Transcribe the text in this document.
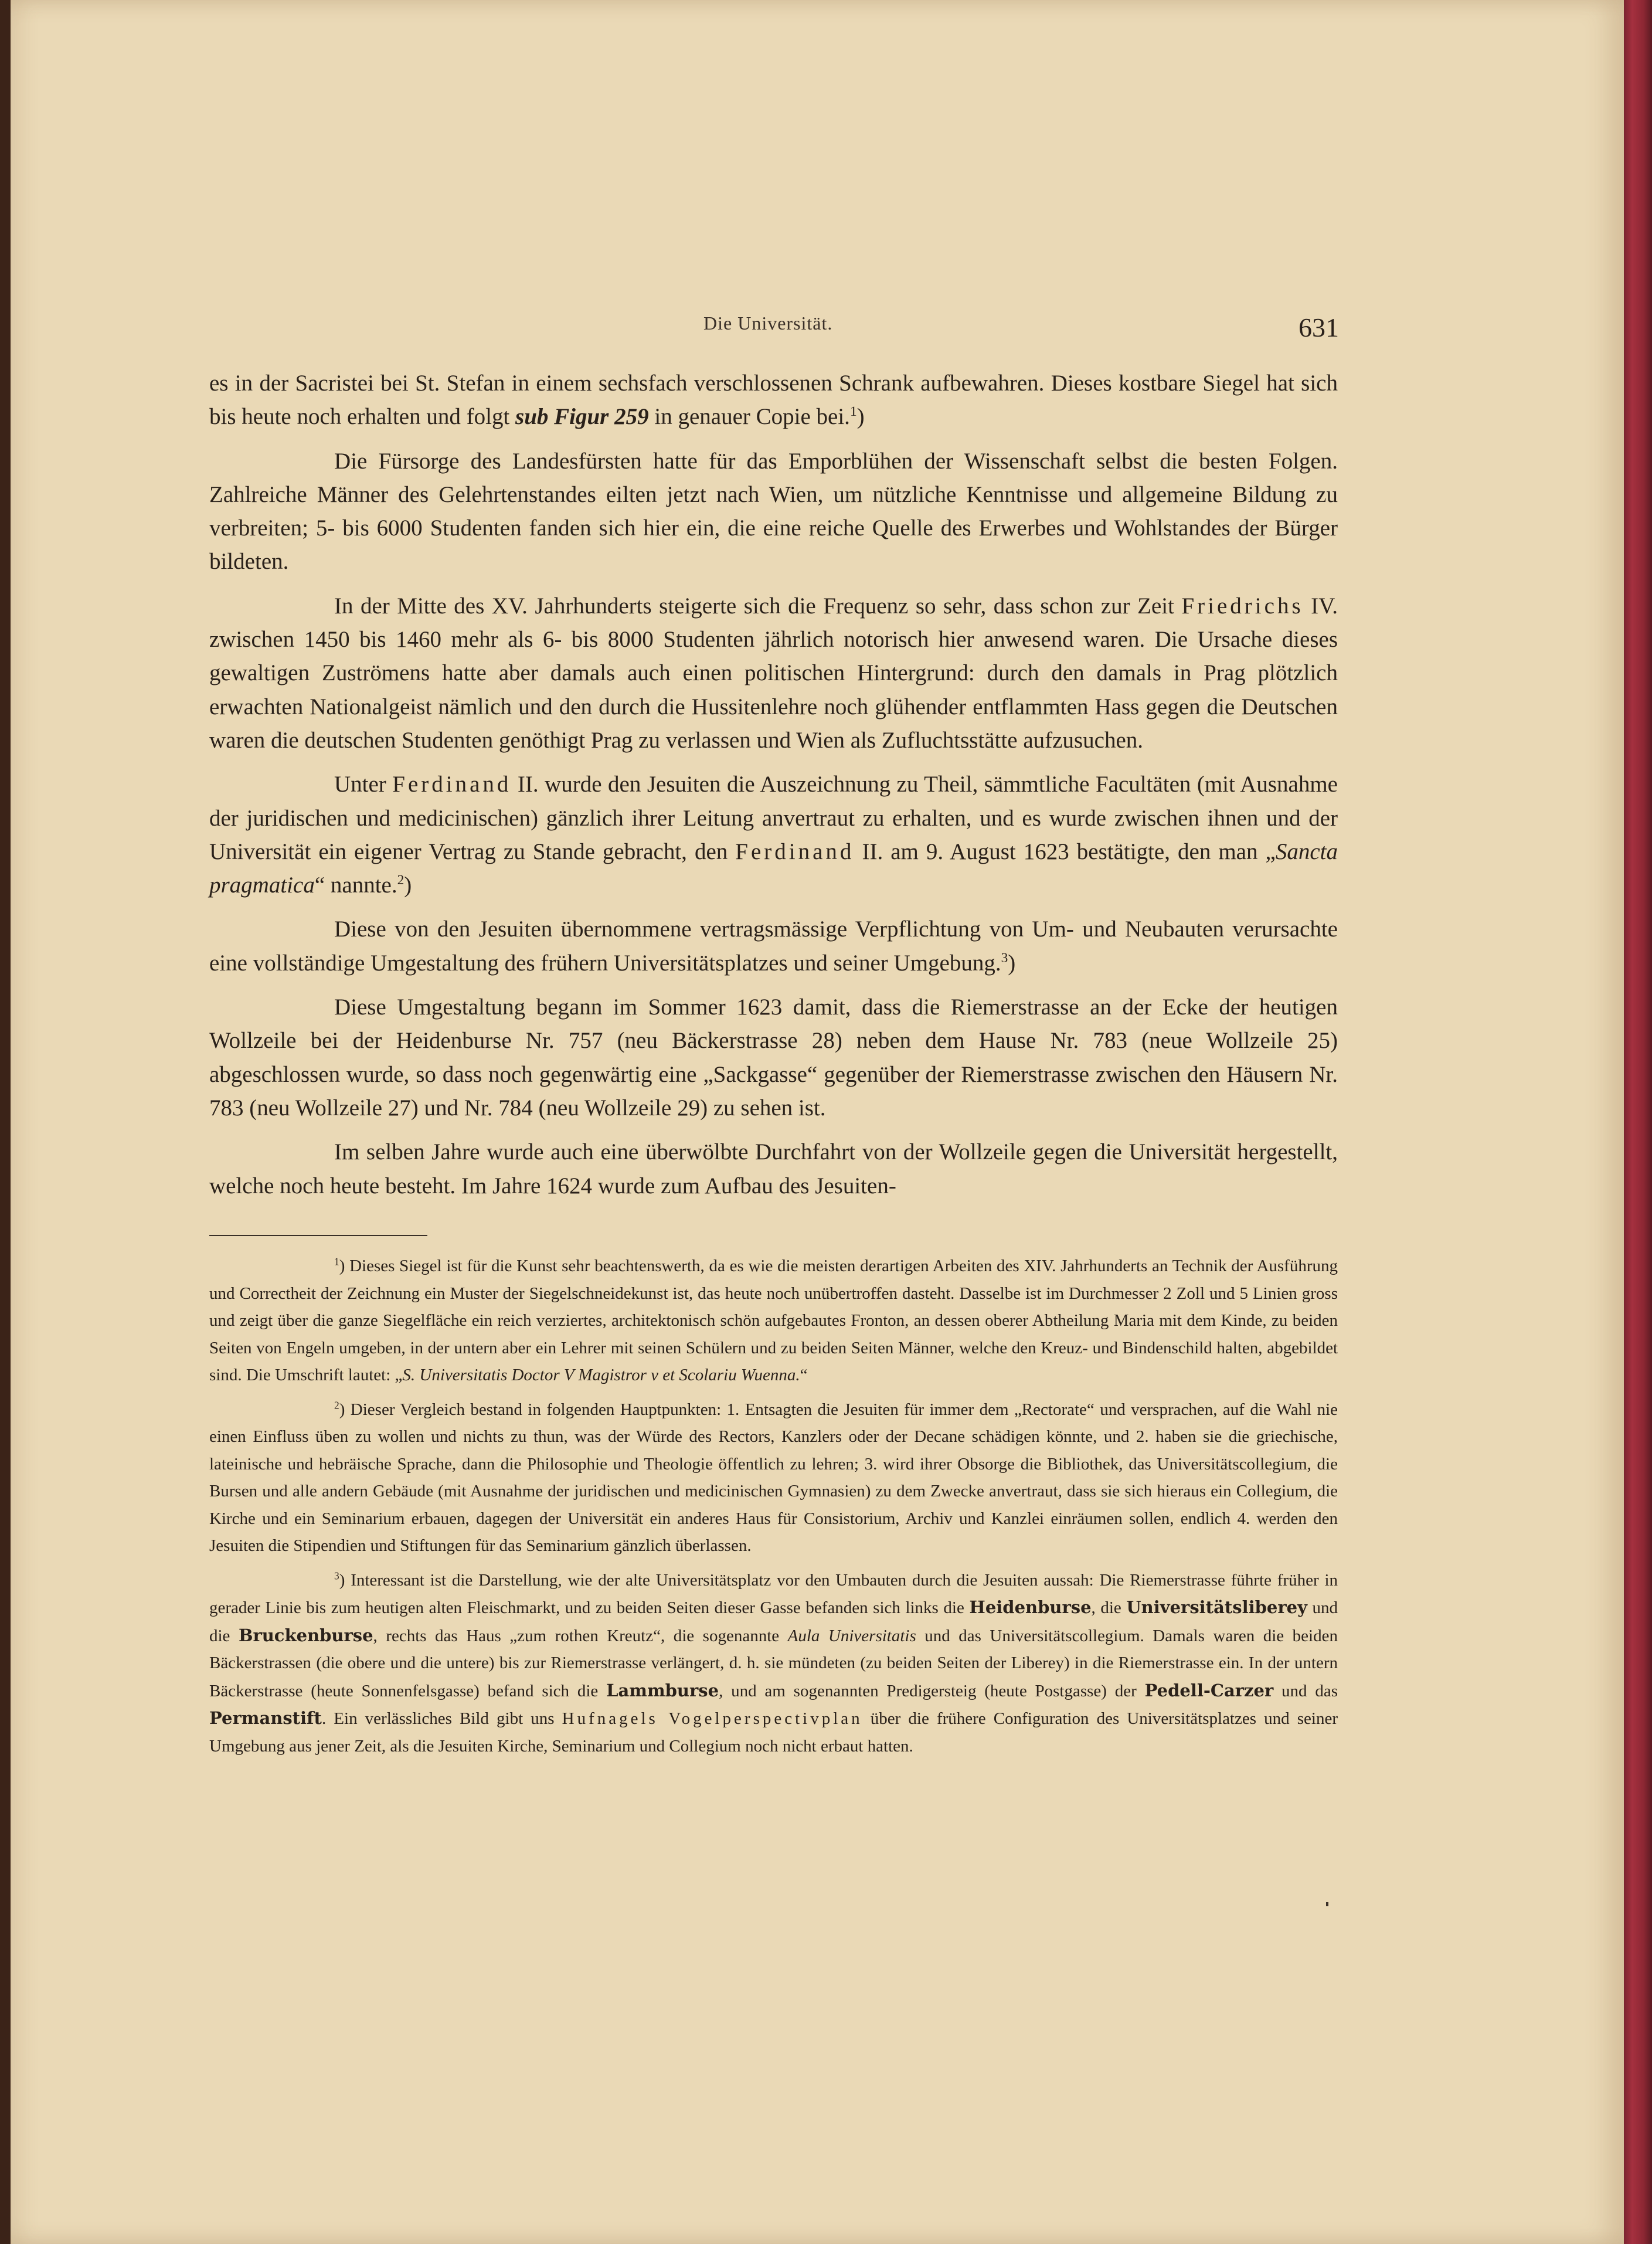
Die Universität.	631

es in der Sacristei bei St. Stefan in einem sechsfach verschlossenen Schrank aufbewahren. Dieses kostbare Siegel hat sich bis heute noch erhalten und folgt sub Figur 259 in genauer Copie bei.$^1$)

Die Fürsorge des Landesfürsten hatte für das Emporblühen der Wissenschaft selbst die besten Folgen. Zahlreiche Männer des Gelehrtenstandes eilten jetzt nach Wien, um nützliche Kenntnisse und allgemeine Bildung zu verbreiten; 5- bis 6000 Studenten fanden sich hier ein, die eine reiche Quelle des Erwerbes und Wohlstandes der Bürger bildeten.

In der Mitte des XV. Jahrhunderts steigerte sich die Frequenz so sehr, dass schon zur Zeit Friedrichs IV. zwischen 1450 bis 1460 mehr als 6- bis 8000 Studenten jährlich notorisch hier anwesend waren. Die Ursache dieses gewaltigen Zuströmens hatte aber damals auch einen politischen Hintergrund: durch den damals in Prag plötzlich erwachten Nationalgeist nämlich und den durch die Hussitenlehre noch glühender entflammten Hass gegen die Deutschen waren die deutschen Studenten genöthigt Prag zu verlassen und Wien als Zufluchtsstätte aufzusuchen.

Unter Ferdinand II. wurde den Jesuiten die Auszeichnung zu Theil, sämmtliche Facultäten (mit Ausnahme der juridischen und medicinischen) gänzlich ihrer Leitung anvertraut zu erhalten, und es wurde zwischen ihnen und der Universität ein eigener Vertrag zu Stande gebracht, den Ferdinand II. am 9. August 1623 bestätigte, den man „Sancta pragmatica“ nannte.$^2$)

Diese von den Jesuiten übernommene vertragsmässige Verpflichtung von Um- und Neubauten verursachte eine vollständige Umgestaltung des frühern Universitätsplatzes und seiner Umgebung.$^3$)

Diese Umgestaltung begann im Sommer 1623 damit, dass die Riemerstrasse an der Ecke der heutigen Wollzeile bei der Heidenburse Nr. 757 (neu Bäckerstrasse 28) neben dem Hause Nr. 783 (neue Wollzeile 25) abgeschlossen wurde, so dass noch gegenwärtig eine „Sackgasse“ gegenüber der Riemerstrasse zwischen den Häusern Nr. 783 (neu Wollzeile 27) und Nr. 784 (neu Wollzeile 29) zu sehen ist.

Im selben Jahre wurde auch eine überwölbte Durchfahrt von der Wollzeile gegen die Universität hergestellt, welche noch heute besteht. Im Jahre 1624 wurde zum Aufbau des Jesuiten-

$^1$) Dieses Siegel ist für die Kunst sehr beachtenswerth, da es wie die meisten derartigen Arbeiten des XIV. Jahrhunderts an Technik der Ausführung und Correctheit der Zeichnung ein Muster der Siegelschneidekunst ist, das heute noch unübertroffen dasteht. Dasselbe ist im Durchmesser 2 Zoll und 5 Linien gross und zeigt über die ganze Siegelfläche ein reich verziertes, architektonisch schön aufgebautes Fronton, an dessen oberer Abtheilung Maria mit dem Kinde, zu beiden Seiten von Engeln umgeben, in der untern aber ein Lehrer mit seinen Schülern und zu beiden Seiten Männer, welche den Kreuz- und Bindenschild halten, abgebildet sind. Die Umschrift lautet: „S. Universitatis Doctor V Magistror v et Scolariu Wuenna.“

$^2$) Dieser Vergleich bestand in folgenden Hauptpunkten: 1. Entsagten die Jesuiten für immer dem „Rectorate“ und versprachen, auf die Wahl nie einen Einfluss üben zu wollen und nichts zu thun, was der Würde des Rectors, Kanzlers oder der Decane schädigen könnte, und 2. haben sie die griechische, lateinische und hebräische Sprache, dann die Philosophie und Theologie öffentlich zu lehren; 3. wird ihrer Obsorge die Bibliothek, das Universitätscollegium, die Bursen und alle andern Gebäude (mit Ausnahme der juridischen und medicinischen Gymnasien) zu dem Zwecke anvertraut, dass sie sich hieraus ein Collegium, die Kirche und ein Seminarium erbauen, dagegen der Universität ein anderes Haus für Consistorium, Archiv und Kanzlei einräumen sollen, endlich 4. werden den Jesuiten die Stipendien und Stiftungen für das Seminarium gänzlich überlassen.

$^3$) Interessant ist die Darstellung, wie der alte Universitätsplatz vor den Umbauten durch die Jesuiten aussah: Die Riemerstrasse führte früher in gerader Linie bis zum heutigen alten Fleischmarkt, und zu beiden Seiten dieser Gasse befanden sich links die Heidenburse, die Universitätsliberey und die Bruckenburse, rechts das Haus „zum rothen Kreutz“, die sogenannte Aula Universitatis und das Universitätscollegium. Damals waren die beiden Bäckerstrassen (die obere und die untere) bis zur Riemerstrasse verlängert, d. h. sie mündeten (zu beiden Seiten der Liberey) in die Riemerstrasse ein. In der untern Bäckerstrasse (heute Sonnenfelsgasse) befand sich die Lammburse, und am sogenannten Predigersteig (heute Postgasse) der Pedell-Carzer und das Permanstift. Ein verlässliches Bild gibt uns Hufnagels Vogelperspectivplan über die frühere Configuration des Universitätsplatzes und seiner Umgebung aus jener Zeit, als die Jesuiten Kirche, Seminarium und Collegium noch nicht erbaut hatten.
